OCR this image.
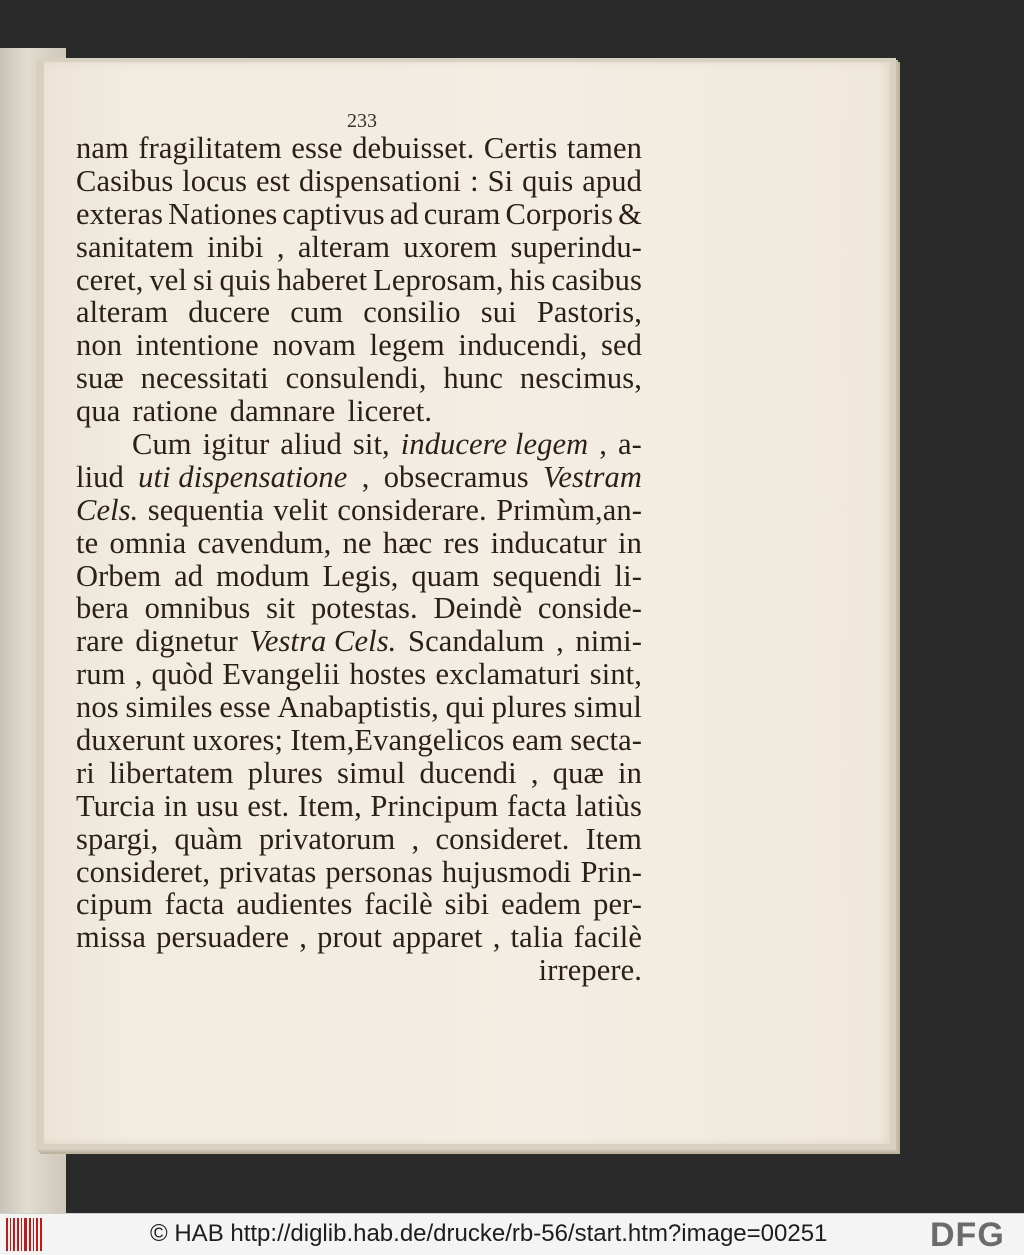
233
nam fragilitatem esse debuisset. Certis tamen
Casibus locus est dispensationi : Si quis apud
exteras Nationes captivus ad curam Corporis &
sanitatem inibi , alteram uxorem superindu-
ceret, vel si quis haberet Leprosam, his casibus
alteram ducere cum consilio sui Pastoris,
non intentione novam legem inducendi, sed
suæ necessitati consulendi, hunc nescimus,
qua ratione damnare liceret.
Cum igitur aliud sit, inducere legem , a-
liud uti dispensatione , obsecramus Vestram
Cels. sequentia velit considerare. Primùm,an-
te omnia cavendum, ne hæc res inducatur in
Orbem ad modum Legis, quam sequendi li-
bera omnibus sit potestas. Deindè conside-
rare dignetur Vestra Cels. Scandalum , nimi-
rum , quòd Evangelii hostes exclamaturi sint,
nos similes esse Anabaptistis, qui plures simul
duxerunt uxores; Item,Evangelicos eam secta-
ri libertatem plures simul ducendi , quæ in
Turcia in usu est. Item, Principum facta latiùs
spargi, quàm privatorum , consideret. Item
consideret, privatas personas hujusmodi Prin-
cipum facta audientes facilè sibi eadem per-
missa persuadere , prout apparet , talia facilè
irrepere.
© HAB http://diglib.hab.de/drucke/rb-56/start.htm?image=00251	DFG
